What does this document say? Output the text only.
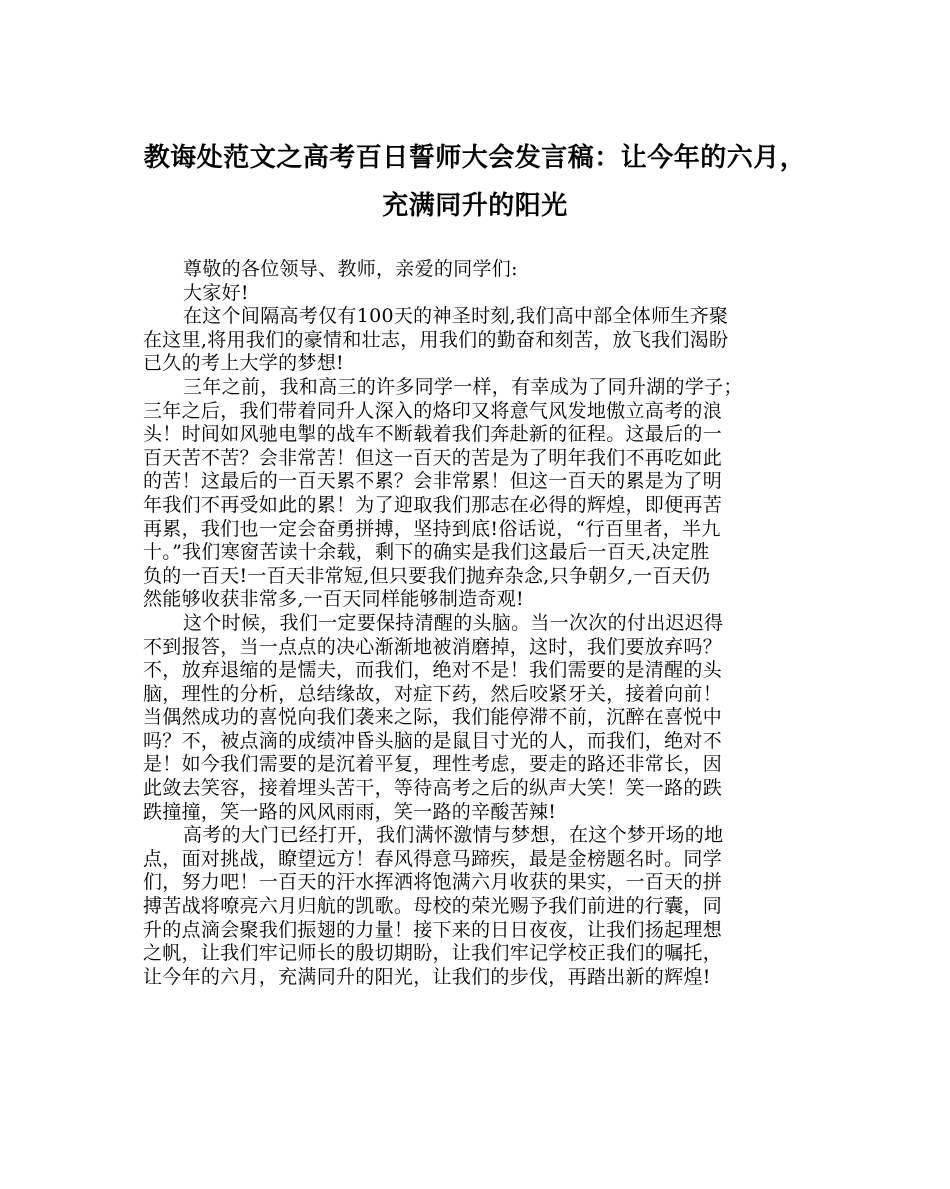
教诲处范文之高考百日誓师大会发言稿：让今年的六月，
充满同升的阳光
尊敬的各位领导、教师，亲爱的同学们:
大家好!
在这个间隔高考仅有100天的神圣时刻,我们高中部全体师生齐聚
在这里,将用我们的豪情和壮志，用我们的勤奋和刻苦，放飞我们渴盼
已久的考上大学的梦想!
三年之前，我和高三的许多同学一样，有幸成为了同升湖的学子；
三年之后，我们带着同升人深入的烙印又将意气风发地傲立高考的浪
头！时间如风驰电掣的战车不断载着我们奔赴新的征程。这最后的一
百天苦不苦？会非常苦！但这一百天的苦是为了明年我们不再吃如此
的苦！这最后的一百天累不累？会非常累！但这一百天的累是为了明
年我们不再受如此的累！为了迎取我们那志在必得的辉煌，即便再苦
再累，我们也一定会奋勇拼搏，坚持到底!俗话说，“行百里者，半九
十。”我们寒窗苦读十余载，剩下的确实是我们这最后一百天,决定胜
负的一百天!一百天非常短,但只要我们抛弃杂念,只争朝夕,一百天仍
然能够收获非常多,一百天同样能够制造奇观!
这个时候，我们一定要保持清醒的头脑。当一次次的付出迟迟得
不到报答，当一点点的决心渐渐地被消磨掉，这时，我们要放弃吗？
不，放弃退缩的是懦夫，而我们，绝对不是！我们需要的是清醒的头
脑，理性的分析，总结缘故，对症下药，然后咬紧牙关，接着向前！
当偶然成功的喜悦向我们袭来之际，我们能停滞不前，沉醉在喜悦中
吗？不，被点滴的成绩冲昏头脑的是鼠目寸光的人，而我们，绝对不
是！如今我们需要的是沉着平复，理性考虑，要走的路还非常长，因
此敛去笑容，接着埋头苦干，等待高考之后的纵声大笑！笑一路的跌
跌撞撞，笑一路的风风雨雨，笑一路的辛酸苦辣!
高考的大门已经打开，我们满怀激情与梦想，在这个梦开场的地
点，面对挑战，瞭望远方！春风得意马蹄疾，最是金榜题名时。同学
们，努力吧！一百天的汗水挥洒将饱满六月收获的果实，一百天的拼
搏苦战将嘹亮六月归航的凯歌。母校的荣光赐予我们前进的行囊，同
升的点滴会聚我们振翅的力量！接下来的日日夜夜，让我们扬起理想
之帆，让我们牢记师长的殷切期盼，让我们牢记学校正我们的嘱托，
让今年的六月，充满同升的阳光，让我们的步伐，再踏出新的辉煌!
